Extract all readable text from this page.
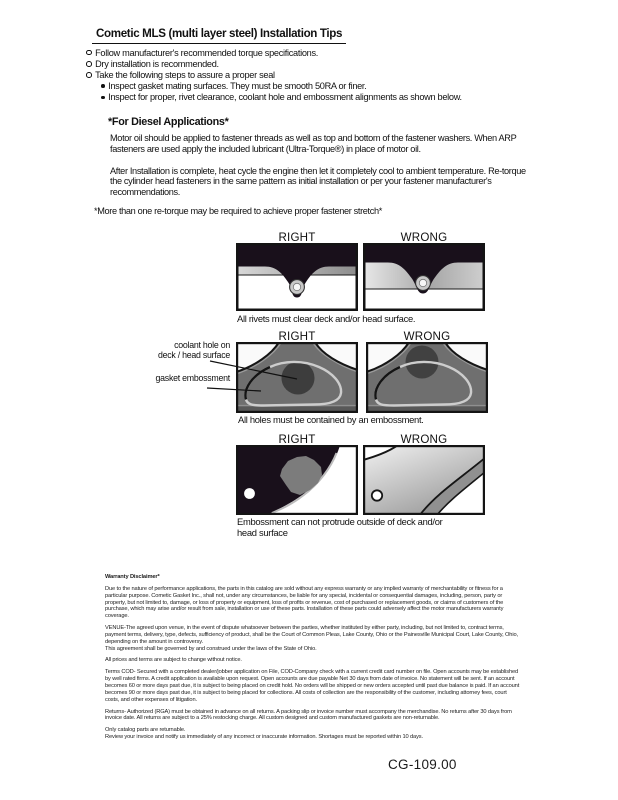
Cometic MLS (multi layer steel) Installation Tips
Follow manufacturer's recommended torque specifications.
Dry installation is recommended.
Take the following steps to assure a proper seal
Inspect gasket mating surfaces. They must be smooth 50RA or finer.
Inspect for proper, rivet clearance, coolant hole and embossment alignments as shown below.
*For Diesel Applications*
Motor oil should be applied to fastener threads as well as top and bottom of the fastener washers. When ARP fasteners are used apply the included lubricant (Ultra-Torque®) in place of motor oil.
After Installation is complete, heat cycle the engine then let it completely cool to ambient temperature. Re-torque the cylinder head fasteners in the same pattern as initial installation or per your fastener manufacturer's recommendations.
*More than one re-torque may be required to achieve proper fastener stretch*
RIGHT	WRONG
All rivets must clear deck and/or head surface.
RIGHT	WRONG
coolant hole on
deck / head surface
gasket embossment
All holes must be contained by an embossment.
RIGHT	WRONG
Embossment can not protrude outside of deck and/or head surface

Warranty Disclaimer*

Due to the nature of performance applications, the parts in this catalog are sold without any express warranty or any implied warranty of merchantability or fitness for a particular purpose. Cometic Gasket Inc., shall not, under any circumstances, be liable for any special, incidental or consequential damages, including, person, party or property, but not limited to, damage, or loss of property or equipment, loss of profits or revenue, cost of purchased or replacement goods, or claims of customers of the purchase, which may arise and/or result from sale, installation or use of these parts. Installation of these parts could adversely affect the motor manufacturers warranty coverage.

VENUE-The agreed upon venue, in the event of dispute whatsoever between the parties, whether instituted by either party, including, but not limited to, contract terms, payment terms, delivery, type, defects, sufficiency of product, shall be the Court of Common Pleas, Lake County, Ohio or the Painesville Municipal Court, Lake County, Ohio, depending on the amount in controversy.

This agreement shall be governed by and construed under the laws of the State of Ohio.

All prices and terms are subject to change without notice.

Terms COD- Secured with a completed dealer/jobber application on File, COD-Company check with a current credit card number on file. Open accounts may be established by well rated firms. A credit application is available upon request. Open accounts are due payable Net 30 days from date of invoice. No statement will be sent. If an account becomes 60 or more days past due, it is subject to being placed on credit hold. No orders will be shipped or new orders accepted until past due balance is paid. If an account becomes 90 or more days past due, it is subject to being placed for collections. All costs of collection are the responsibility of the customer, including attorney fees, court costs, and other expenses of litigation.

Returns- Authorized (RGA) must be obtained in advance on all returns. A packing slip or invoice number must accompany the merchandise. No returns after 30 days from invoice date. All returns are subject to a 25% restocking charge. All custom designed and custom manufactured gaskets are non-returnable.

Only catalog parts are returnable.

Review your invoice and notify us immediately of any incorrect or inaccurate information. Shortages must be reported within 10 days.

CG-109.00
